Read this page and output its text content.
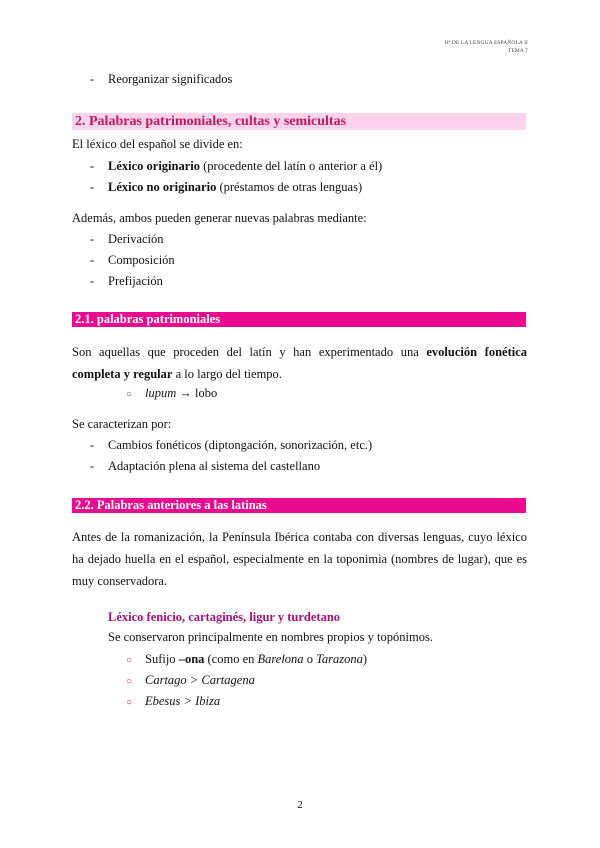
Hª DE LA LENGUA ESPAÑOLA II
TEMA 7
- Reorganizar significados
2. Palabras patrimoniales, cultas y semicultas
El léxico del español se divide en:
- Léxico originario (procedente del latín o anterior a él)
- Léxico no originario (préstamos de otras lenguas)
Además, ambos pueden generar nuevas palabras mediante:
- Derivación
- Composición
- Prefijación
2.1. palabras patrimoniales
Son aquellas que proceden del latín y han experimentado una evolución fonética completa y regular a lo largo del tiempo.
○ lupum → lobo
Se caracterizan por:
- Cambios fonéticos (diptongación, sonorización, etc.)
- Adaptación plena al sistema del castellano
2.2. Palabras anteriores a las latinas
Antes de la romanización, la Península Ibérica contaba con diversas lenguas, cuyo léxico ha dejado huella en el español, especialmente en la toponimia (nombres de lugar), que es muy conservadora.
Léxico fenicio, cartaginés, ligur y turdetano
Se conservaron principalmente en nombres propios y topónimos.
○ Sufijo –ona (como en Barelona o Tarazona)
○ Cartago > Cartagena
○ Ebesus > Ibiza
2
